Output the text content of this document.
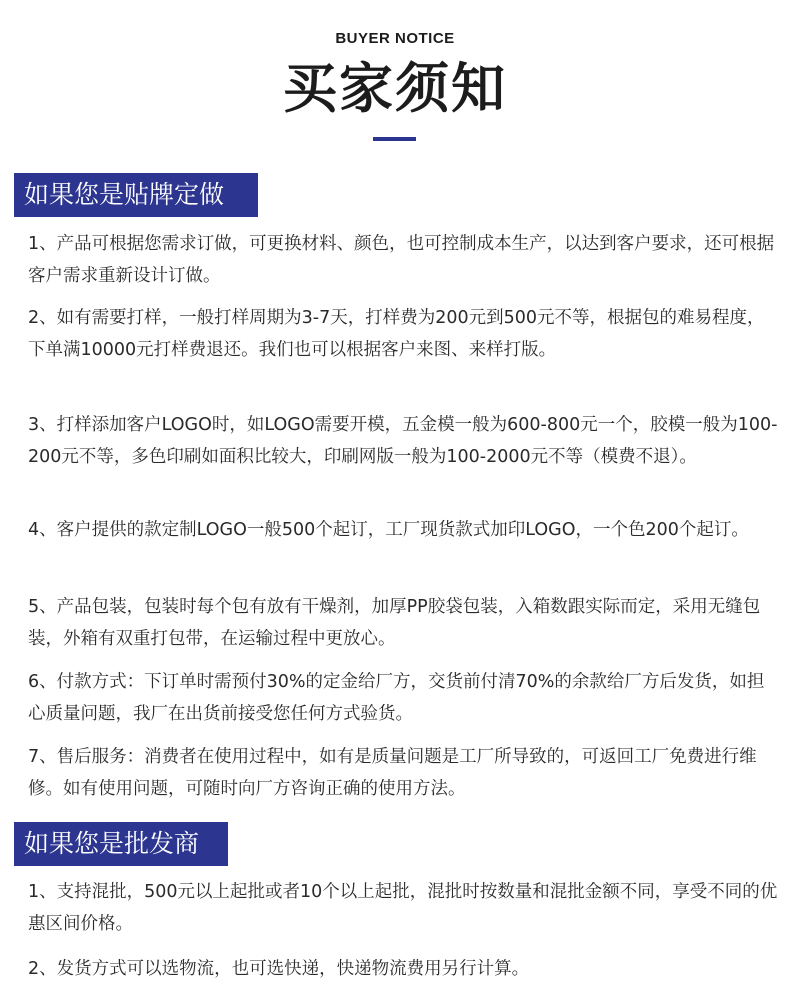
BUYER NOTICE
买家须知
如果您是贴牌定做

1、产品可根据您需求订做，可更换材料、颜色，也可控制成本生产，以达到客户要求，还可根据客户需求重新设计订做。

2、如有需要打样，一般打样周期为3-7天，打样费为200元到500元不等，根据包的难易程度，下单满10000元打样费退还。我们也可以根据客户来图、来样打版。

3、打样添加客户LOGO时，如LOGO需要开模，五金模一般为600-800元一个，胶模一般为100-200元不等，多色印刷如面积比较大，印刷网版一般为100-2000元不等（模费不退）。

4、客户提供的款定制LOGO一般500个起订，工厂现货款式加印LOGO，一个色200个起订。

5、产品包装，包装时每个包有放有干燥剂，加厚PP胶袋包装，入箱数跟实际而定，采用无缝包装，外箱有双重打包带，在运输过程中更放心。

6、付款方式：下订单时需预付30%的定金给厂方，交货前付清70%的余款给厂方后发货，如担心质量问题，我厂在出货前接受您任何方式验货。

7、售后服务：消费者在使用过程中，如有是质量问题是工厂所导致的，可返回工厂免费进行维修。如有使用问题，可随时向厂方咨询正确的使用方法。

如果您是批发商

1、支持混批，500元以上起批或者10个以上起批，混批时按数量和混批金额不同，享受不同的优惠区间价格。

2、发货方式可以选物流，也可选快递，快递物流费用另行计算。
